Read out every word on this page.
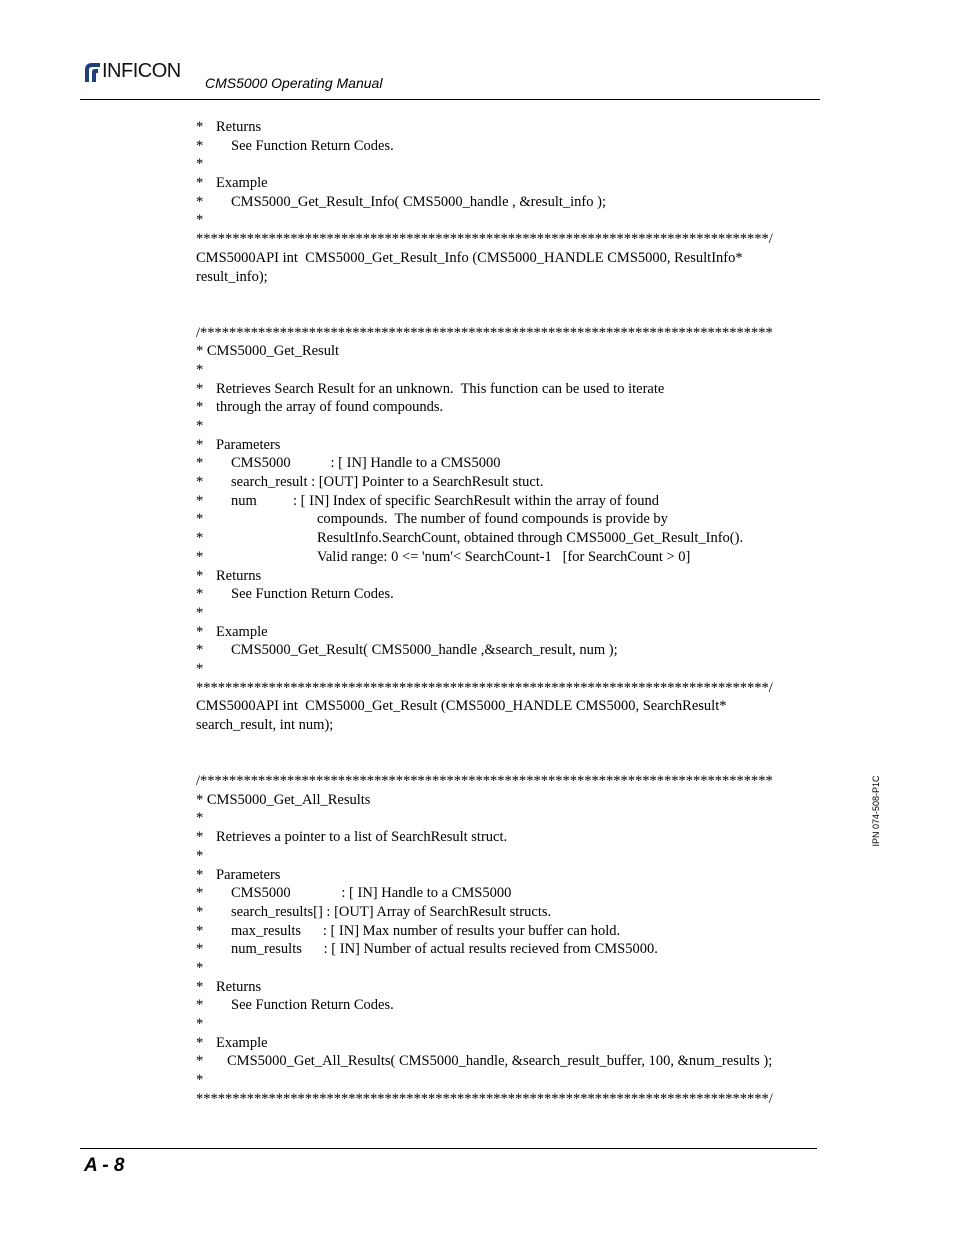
INFICON
CMS5000 Operating Manual
* Returns
* See Function Return Codes.
*
* Example
* CMS5000_Get_Result_Info( CMS5000_handle , &result_info );
*
*******************************************************************************/
CMS5000API int  CMS5000_Get_Result_Info (CMS5000_HANDLE CMS5000, ResultInfo*
result_info);
/*******************************************************************************
* CMS5000_Get_Result
*
* Retrieves Search Result for an unknown.  This function can be used to iterate
* through the array of found compounds.
*
* Parameters
* CMS5000           : [ IN] Handle to a CMS5000
* search_result : [OUT] Pointer to a SearchResult stuct.
* num          : [ IN] Index of specific SearchResult within the array of found
*	compounds.  The number of found compounds is provide by
*	ResultInfo.SearchCount, obtained through CMS5000_Get_Result_Info().
*	Valid range: 0 <= 'num'< SearchCount-1   [for SearchCount > 0]
* Returns
* See Function Return Codes.
*
* Example
* CMS5000_Get_Result( CMS5000_handle ,&search_result, num );
*
*******************************************************************************/
CMS5000API int  CMS5000_Get_Result (CMS5000_HANDLE CMS5000, SearchResult*
search_result, int num);
/*******************************************************************************
* CMS5000_Get_All_Results
*
* Retrieves a pointer to a list of SearchResult struct.
*
* Parameters
* CMS5000              : [ IN] Handle to a CMS5000
* search_results[] : [OUT] Array of SearchResult structs.
* max_results      : [ IN] Max number of results your buffer can hold.
* num_results      : [ IN] Number of actual results recieved from CMS5000.
*
* Returns
* See Function Return Codes.
*
* Example
* CMS5000_Get_All_Results( CMS5000_handle, &search_result_buffer, 100, &num_results );
*
*******************************************************************************/
IPN 074-508-P1C
A - 8
